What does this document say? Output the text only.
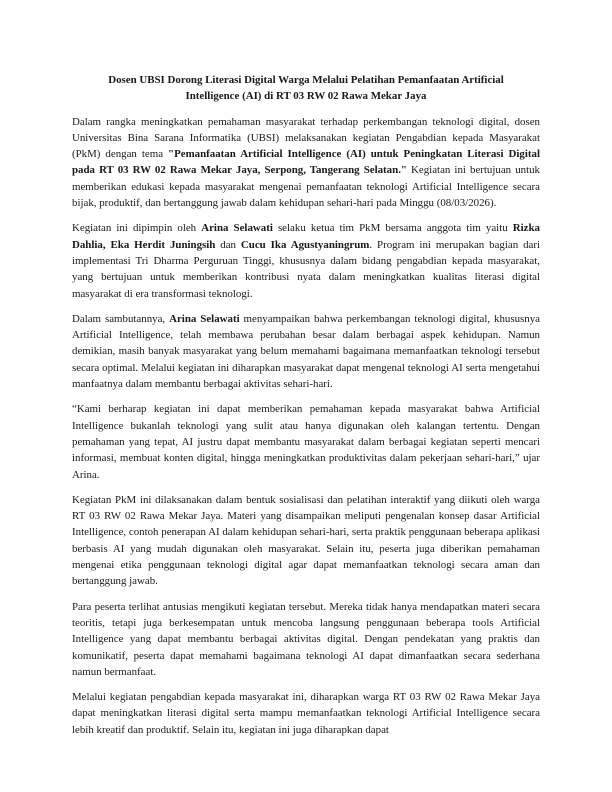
Dosen UBSI Dorong Literasi Digital Warga Melalui Pelatihan Pemanfaatan Artificial
Intelligence (AI) di RT 03 RW 02 Rawa Mekar Jaya

Dalam rangka meningkatkan pemahaman masyarakat terhadap perkembangan teknologi digital, dosen Universitas Bina Sarana Informatika (UBSI) melaksanakan kegiatan Pengabdian kepada Masyarakat (PkM) dengan tema "Pemanfaatan Artificial Intelligence (AI) untuk Peningkatan Literasi Digital pada RT 03 RW 02 Rawa Mekar Jaya, Serpong, Tangerang Selatan." Kegiatan ini bertujuan untuk memberikan edukasi kepada masyarakat mengenai pemanfaatan teknologi Artificial Intelligence secara bijak, produktif, dan bertanggung jawab dalam kehidupan sehari-hari pada Minggu (08/03/2026).

Kegiatan ini dipimpin oleh Arina Selawati selaku ketua tim PkM bersama anggota tim yaitu Rizka Dahlia, Eka Herdit Juningsih dan Cucu Ika Agustyaningrum. Program ini merupakan bagian dari implementasi Tri Dharma Perguruan Tinggi, khususnya dalam bidang pengabdian kepada masyarakat, yang bertujuan untuk memberikan kontribusi nyata dalam meningkatkan kualitas literasi digital masyarakat di era transformasi teknologi.

Dalam sambutannya, Arina Selawati menyampaikan bahwa perkembangan teknologi digital, khususnya Artificial Intelligence, telah membawa perubahan besar dalam berbagai aspek kehidupan. Namun demikian, masih banyak masyarakat yang belum memahami bagaimana memanfaatkan teknologi tersebut secara optimal. Melalui kegiatan ini diharapkan masyarakat dapat mengenal teknologi AI serta mengetahui manfaatnya dalam membantu berbagai aktivitas sehari-hari.

“Kami berharap kegiatan ini dapat memberikan pemahaman kepada masyarakat bahwa Artificial Intelligence bukanlah teknologi yang sulit atau hanya digunakan oleh kalangan tertentu. Dengan pemahaman yang tepat, AI justru dapat membantu masyarakat dalam berbagai kegiatan seperti mencari informasi, membuat konten digital, hingga meningkatkan produktivitas dalam pekerjaan sehari-hari,” ujar Arina.

Kegiatan PkM ini dilaksanakan dalam bentuk sosialisasi dan pelatihan interaktif yang diikuti oleh warga RT 03 RW 02 Rawa Mekar Jaya. Materi yang disampaikan meliputi pengenalan konsep dasar Artificial Intelligence, contoh penerapan AI dalam kehidupan sehari-hari, serta praktik penggunaan beberapa aplikasi berbasis AI yang mudah digunakan oleh masyarakat. Selain itu, peserta juga diberikan pemahaman mengenai etika penggunaan teknologi digital agar dapat memanfaatkan teknologi secara aman dan bertanggung jawab.

Para peserta terlihat antusias mengikuti kegiatan tersebut. Mereka tidak hanya mendapatkan materi secara teoritis, tetapi juga berkesempatan untuk mencoba langsung penggunaan beberapa tools Artificial Intelligence yang dapat membantu berbagai aktivitas digital. Dengan pendekatan yang praktis dan komunikatif, peserta dapat memahami bagaimana teknologi AI dapat dimanfaatkan secara sederhana namun bermanfaat.

Melalui kegiatan pengabdian kepada masyarakat ini, diharapkan warga RT 03 RW 02 Rawa Mekar Jaya dapat meningkatkan literasi digital serta mampu memanfaatkan teknologi Artificial Intelligence secara lebih kreatif dan produktif. Selain itu, kegiatan ini juga diharapkan dapat
